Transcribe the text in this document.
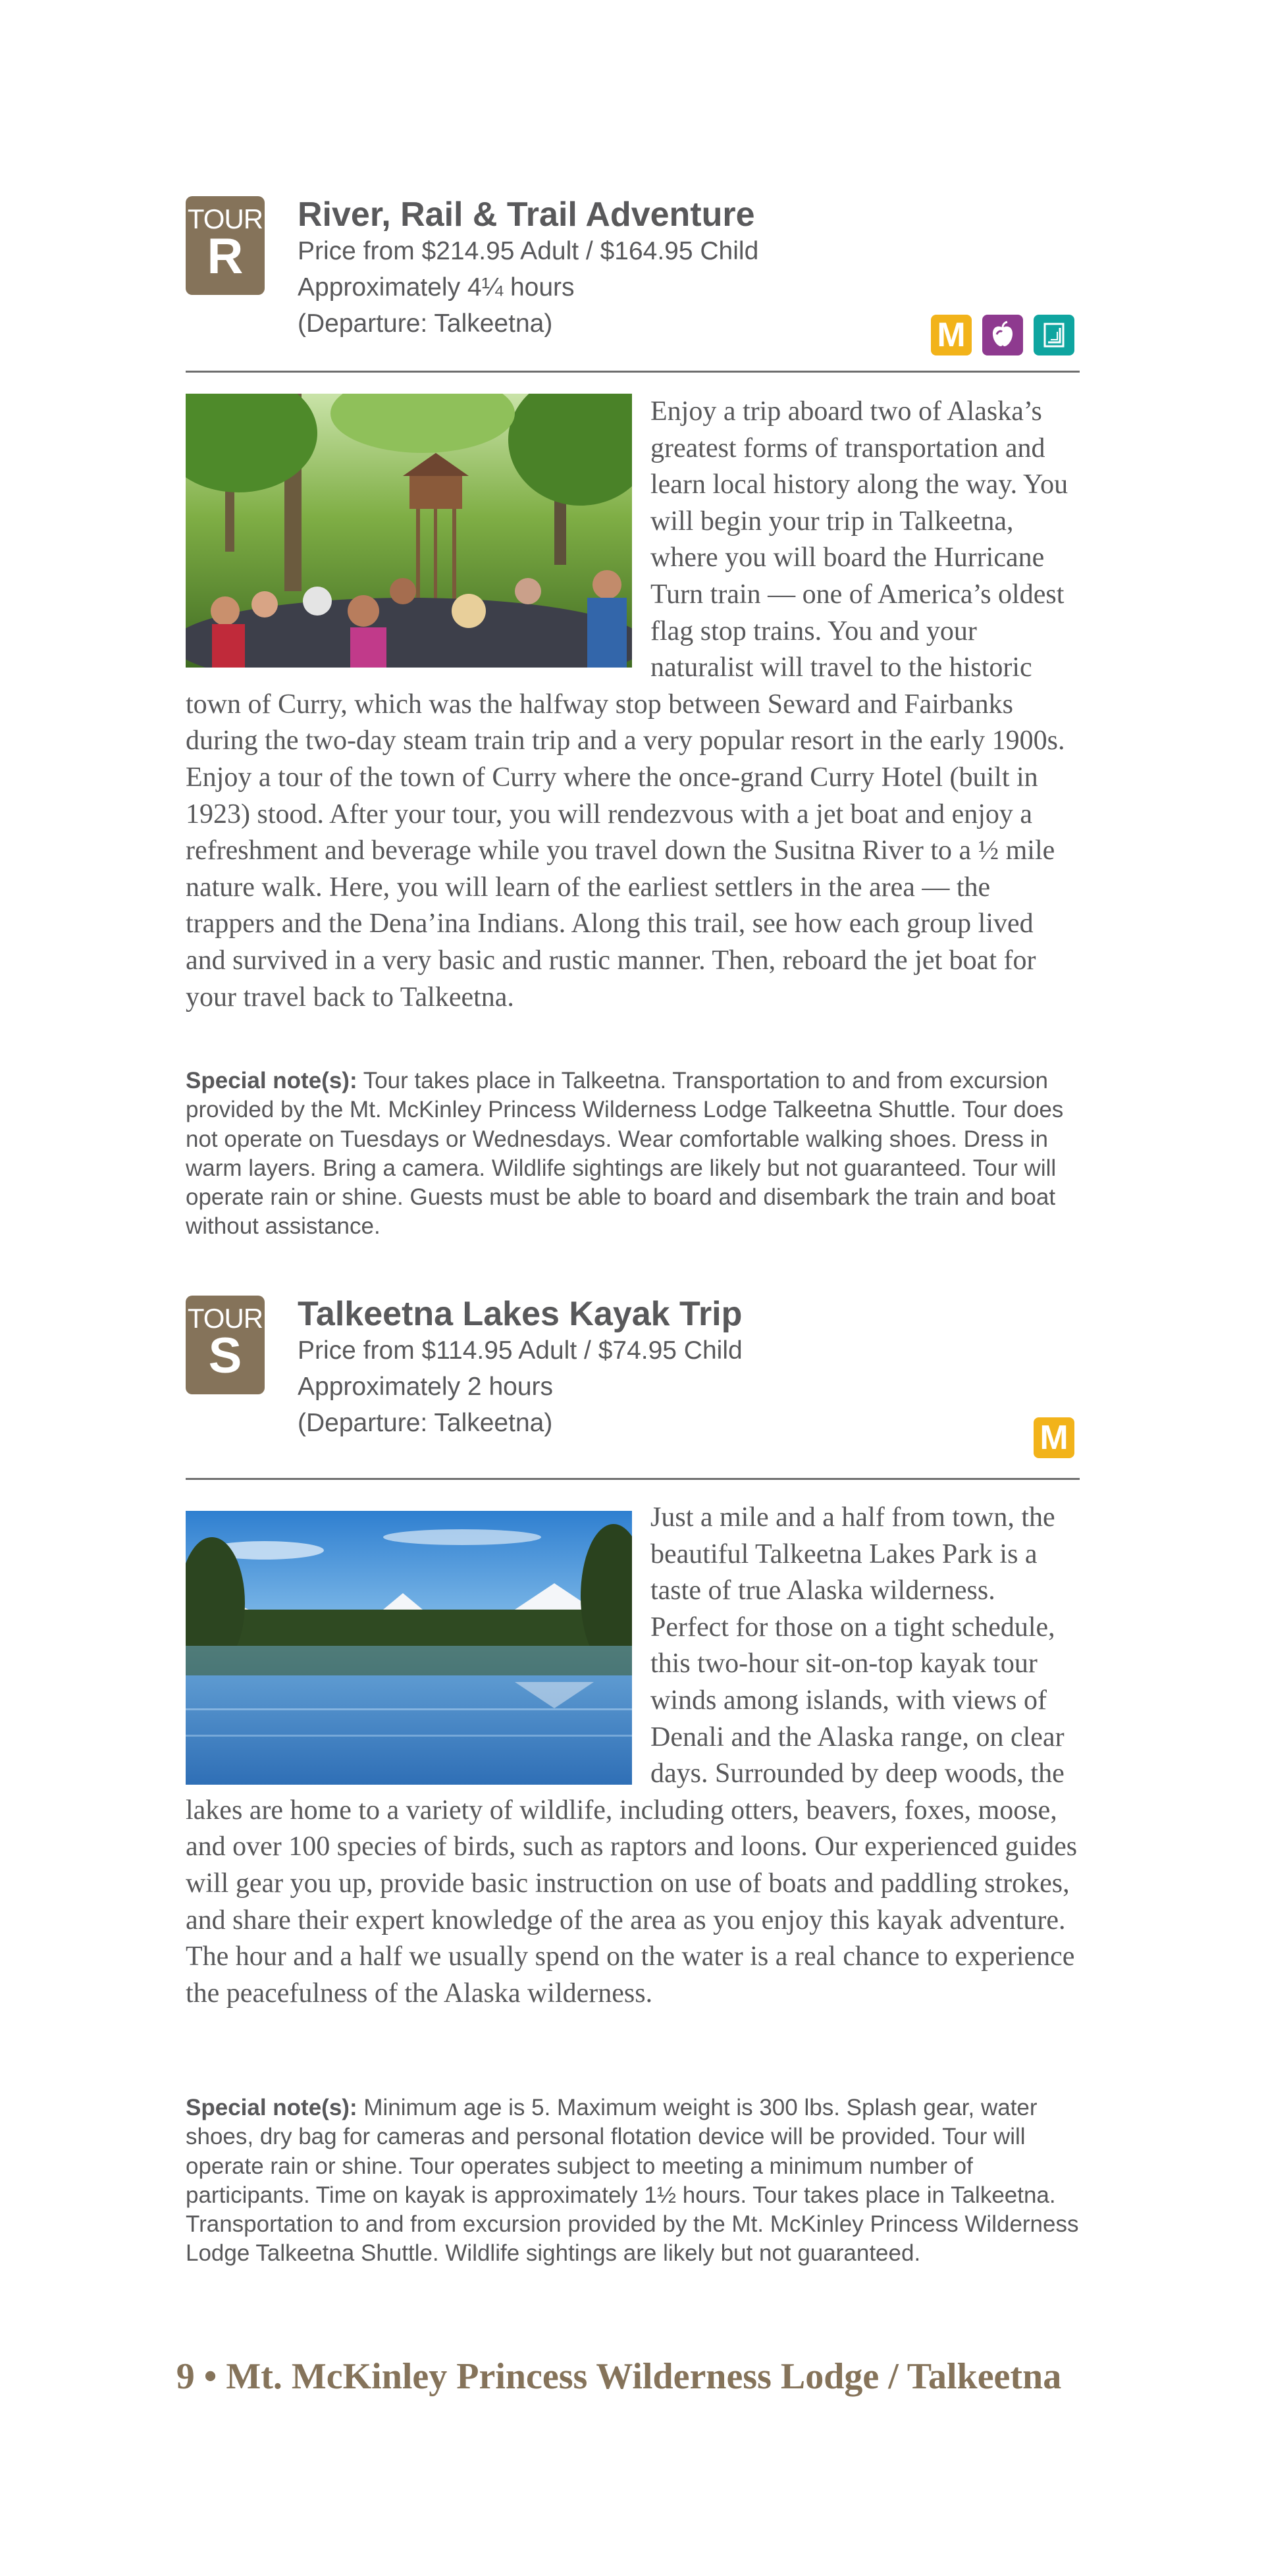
TOUR
R
River, Rail & Trail Adventure

Price from $214.95 Adult / $164.95 Child

Approximately 4¼ hours

(Departure: Talkeetna)	M
Enjoy a trip aboard two of Alaska’s greatest forms of transportation and learn local history along the way. You will begin your trip in Talkeetna, where you will board the Hurricane Turn train — one of America’s oldest flag stop trains. You and your naturalist will travel to the historic town of Curry, which was the halfway stop between Seward and Fairbanks during the two-day steam train trip and a very popular resort in the early 1900s. Enjoy a tour of the town of Curry where the once-grand Curry Hotel (built in 1923) stood. After your tour, you will rendezvous with a jet boat and enjoy a refreshment and beverage while you travel down the Susitna River to a ½ mile nature walk. Here, you will learn of the earliest settlers in the area — the trappers and the Dena’ina Indians. Along this trail, see how each group lived and survived in a very basic and rustic manner. Then, reboard the jet boat for your travel back to Talkeetna.
Special note(s): Tour takes place in Talkeetna. Transportation to and from excursion provided by the Mt. McKinley Princess Wilderness Lodge Talkeetna Shuttle. Tour does not operate on Tuesdays or Wednesdays. Wear comfortable walking shoes. Dress in warm layers. Bring a camera. Wildlife sightings are likely but not guaranteed. Tour will operate rain or shine. Guests must be able to board and disembark the train and boat without assistance.
TOUR
S
Talkeetna Lakes Kayak Trip

Price from $114.95 Adult / $74.95 Child

Approximately 2 hours

(Departure: Talkeetna)	M
Just a mile and a half from town, the beautiful Talkeetna Lakes Park is a taste of true Alaska wilderness. Perfect for those on a tight schedule, this two-hour sit-on-top kayak tour winds among islands, with views of Denali and the Alaska range, on clear days. Surrounded by deep woods, the lakes are home to a variety of wildlife, including otters, beavers, foxes, moose, and over 100 species of birds, such as raptors and loons. Our experienced guides will gear you up, provide basic instruction on use of boats and paddling strokes, and share their expert knowledge of the area as you enjoy this kayak adventure. The hour and a half we usually spend on the water is a real chance to experience the peacefulness of the Alaska wilderness.
Special note(s): Minimum age is 5. Maximum weight is 300 lbs. Splash gear, water shoes, dry bag for cameras and personal flotation device will be provided. Tour will operate rain or shine. Tour operates subject to meeting a minimum number of participants. Time on kayak is approximately 1½ hours. Tour takes place in Talkeetna. Transportation to and from excursion provided by the Mt. McKinley Princess Wilderness Lodge Talkeetna Shuttle. Wildlife sightings are likely but not guaranteed.
9 • Mt. McKinley Princess Wilderness Lodge / Talkeetna
